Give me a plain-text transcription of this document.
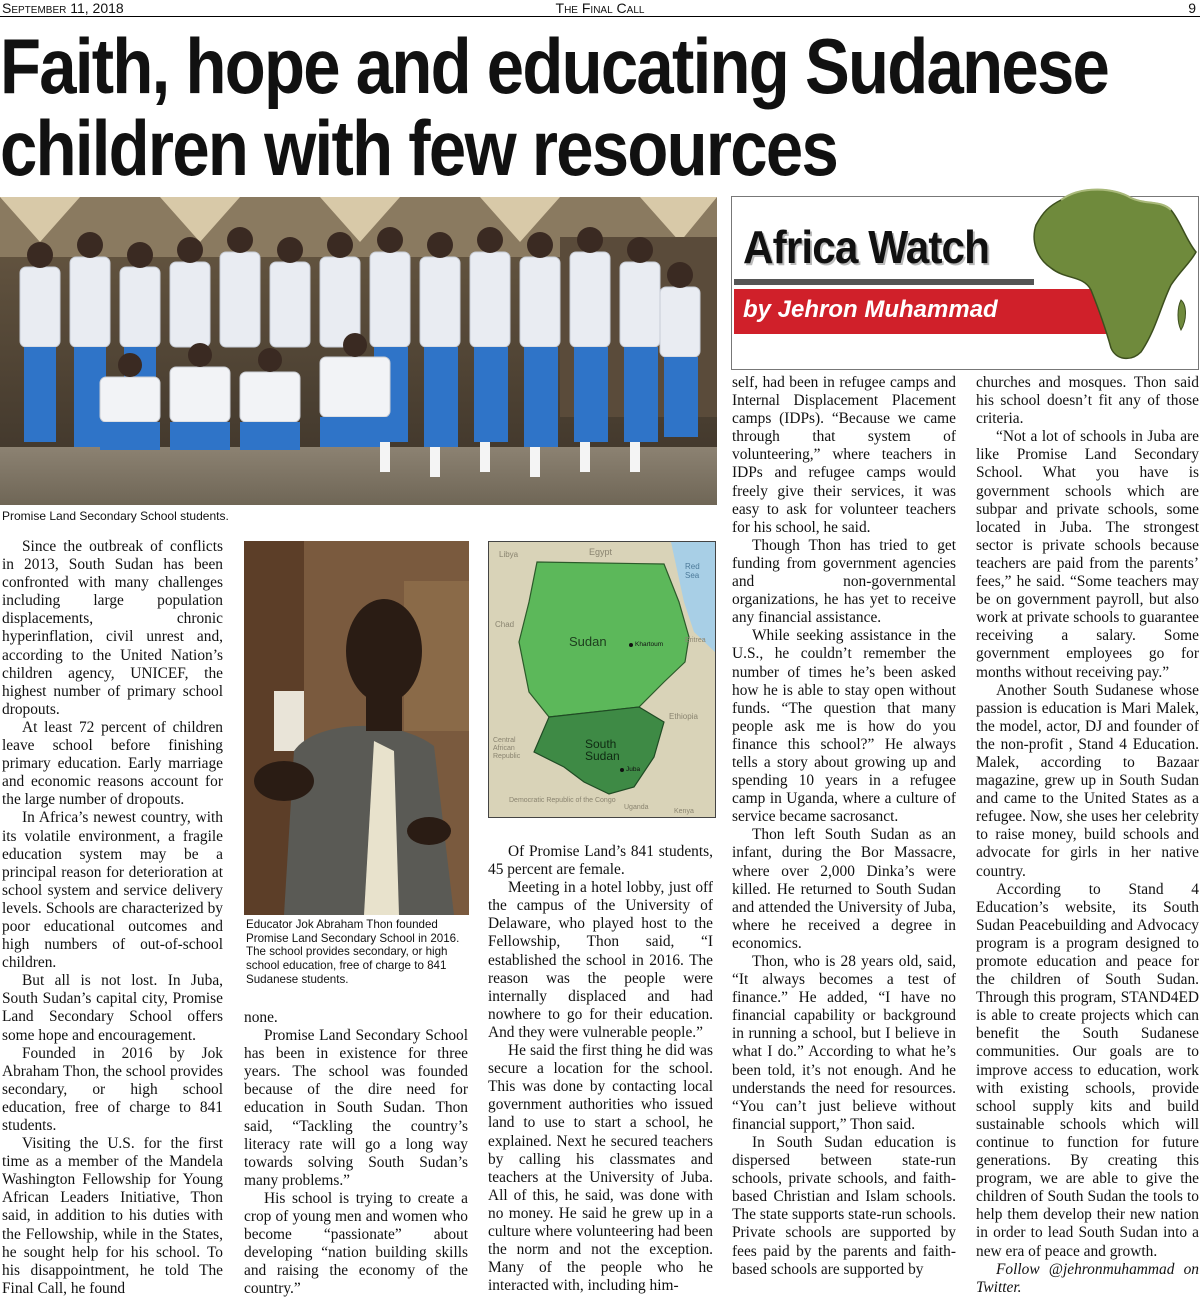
September 11, 2018	The Final Call	9
Faith, hope and educating Sudanese
children with few resources
Promise Land Secondary School students.
Africa Watch
by Jehron Muhammad
Educator Jok Abraham Thon founded Promise Land Secondary School in 2016. The school provides secondary, or high school education, free of charge to 841 Sudanese students.
Libya	Egypt
Red Sea
Chad
Sudan	Khartoum
Eritrea
Ethiopia
Central African Republic
South Sudan
Juba
Democratic Republic of the Congo
Uganda
Kenya

Since the outbreak of conflicts in 2013, South Sudan has been confronted with many challenges including large population displacements, chronic hyperinflation, civil unrest and, according to the United Nation’s children agency, UNICEF, the highest number of primary school dropouts.

At least 72 percent of children leave school before finishing primary education. Early marriage and economic reasons account for the large number of dropouts.

In Africa’s newest country, with its volatile environment, a fragile education system may be a principal reason for deterioration at school system and service delivery levels. Schools are characterized by poor educational outcomes and high numbers of out-of-school children.

But all is not lost. In Juba, South Sudan’s capital city, Promise Land Secondary School offers some hope and encouragement.

Founded in 2016 by Jok Abraham Thon, the school provides secondary, or high school education, free of charge to 841 students.

Visiting the U.S. for the first time as a member of the Mandela Washington Fellowship for Young African Leaders Initiative, Thon said, in addition to his duties with the Fellowship, while in the States, he sought help for his school. To his disappointment, he told The Final Call, he found

none.

Promise Land Secondary School has been in existence for three years. The school was founded because of the dire need for education in South Sudan. Thon said, “Tackling the country’s literacy rate will go a long way towards solving South Sudan’s many problems.”

His school is trying to create a crop of young men and women who become “passionate” about developing “nation building skills and raising the economy of the country.”

Of Promise Land’s 841 students, 45 percent are female.

Meeting in a hotel lobby, just off the campus of the University of Delaware, who played host to the Fellowship, Thon said, “I established the school in 2016. The reason was the people were internally displaced and had nowhere to go for their education. And they were vulnerable people.”

He said the first thing he did was secure a location for the school. This was done by contacting local government authorities who issued land to use to start a school, he explained. Next he secured teachers by calling his classmates and teachers at the University of Juba. All of this, he said, was done with no money. He said he grew up in a culture where volunteering had been the norm and not the exception. Many of the people who he interacted with, including him-

self, had been in refugee camps and Internal Displacement Placement camps (IDPs). “Because we came through that system of volunteering,” where teachers in IDPs and refugee camps would freely give their services, it was easy to ask for volunteer teachers for his school, he said.

Though Thon has tried to get funding from government agencies and non-governmental organizations, he has yet to receive any financial assistance.

While seeking assistance in the U.S., he couldn’t remember the number of times he’s been asked how he is able to stay open without funds. “The question that many people ask me is how do you finance this school?” He always tells a story about growing up and spending 10 years in a refugee camp in Uganda, where a culture of service became sacrosanct.

Thon left South Sudan as an infant, during the Bor Massacre, where over 2,000 Dinka’s were killed. He returned to South Sudan and attended the University of Juba, where he received a degree in economics.

Thon, who is 28 years old, said, “It always becomes a test of finance.” He added, “I have no financial capability or background in running a school, but I believe in what I do.” According to what he’s been told, it’s not enough. And he understands the need for resources. “You can’t just believe without financial support,” Thon said.

In South Sudan education is dispersed between state-run schools, private schools, and faith-based Christian and Islam schools. The state supports state-run schools. Private schools are supported by fees paid by the parents and faith-based schools are supported by

churches and mosques. Thon said his school doesn’t fit any of those criteria.

“Not a lot of schools in Juba are like Promise Land Secondary School. What you have is government schools which are subpar and private schools, some located in Juba. The strongest sector is private schools because teachers are paid from the parents’ fees,” he said. “Some teachers may be on government payroll, but also work at private schools to guarantee receiving a salary. Some government employees go for months without receiving pay.”

Another South Sudanese whose passion is education is Mari Malek, the model, actor, DJ and founder of the non-profit , Stand 4 Education. Malek, according to Bazaar magazine, grew up in South Sudan and came to the United States as a refugee. Now, she uses her celebrity to raise money, build schools and advocate for girls in her native country.

According to Stand 4 Education’s website, its South Sudan Peacebuilding and Advocacy program is a program designed to promote education and peace for the children of South Sudan. Through this program, STAND4ED is able to create projects which can benefit the South Sudanese communities. Our goals are to improve access to education, work with existing schools, provide school supply kits and build sustainable schools which will continue to function for future generations. By creating this program, we are able to give the children of South Sudan the tools to help them develop their new nation in order to lead South Sudan into a new era of peace and growth.

Follow @jehronmuhammad on Twitter.
